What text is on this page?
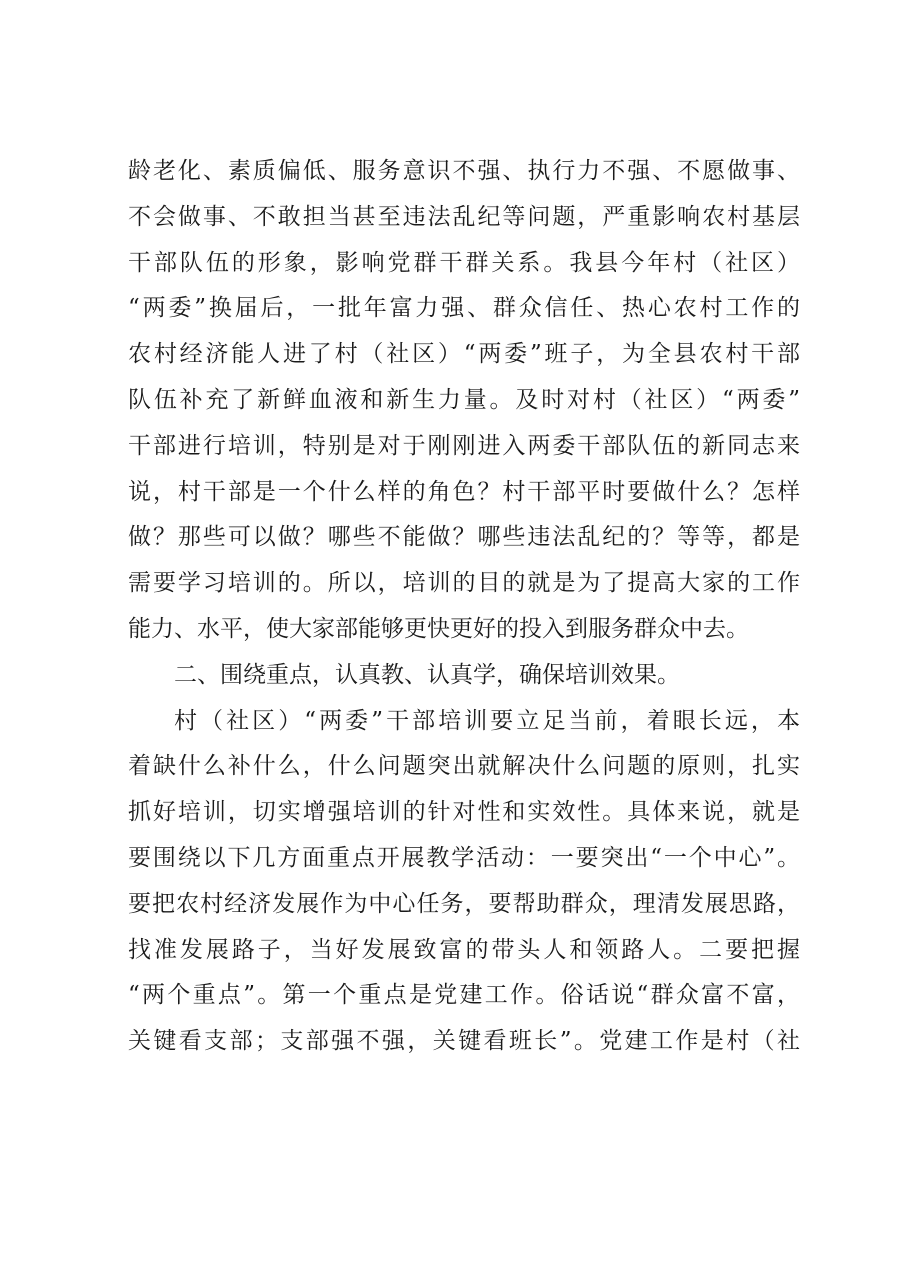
龄老化、素质偏低、服务意识不强、执行力不强、不愿做事、
不会做事、不敢担当甚至违法乱纪等问题，严重影响农村基层
干部队伍的形象，影响党群干群关系。我县今年村（社区）
“两委”换届后，一批年富力强、群众信任、热心农村工作的
农村经济能人进了村（社区）“两委”班子，为全县农村干部
队伍补充了新鲜血液和新生力量。及时对村（社区）“两委”
干部进行培训，特别是对于刚刚进入两委干部队伍的新同志来
说，村干部是一个什么样的角色？村干部平时要做什么？怎样
做？那些可以做？哪些不能做？哪些违法乱纪的？等等，都是
需要学习培训的。所以，培训的目的就是为了提高大家的工作
能力、水平，使大家部能够更快更好的投入到服务群众中去。
二、围绕重点，认真教、认真学，确保培训效果。
村（社区）“两委”干部培训要立足当前，着眼长远，本
着缺什么补什么，什么问题突出就解决什么问题的原则，扎实
抓好培训，切实增强培训的针对性和实效性。具体来说，就是
要围绕以下几方面重点开展教学活动：一要突出“一个中心”。
要把农村经济发展作为中心任务，要帮助群众，理清发展思路，
找准发展路子，当好发展致富的带头人和领路人。二要把握
“两个重点”。第一个重点是党建工作。俗话说“群众富不富，
关键看支部；支部强不强，关键看班长”。党建工作是村（社
